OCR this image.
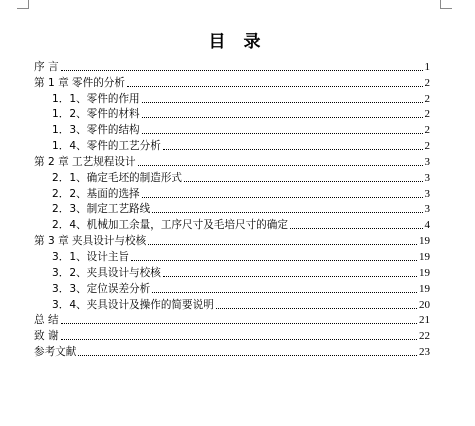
目 录
序 言	1
第 1 章 零件的分析	2
1．1、零件的作用	2
1．2、零件的材料	2
1．3、零件的结构	2
1．4、零件的工艺分析	2
第 2 章 工艺规程设计	3
2．1、确定毛坯的制造形式	3
2．2、基面的选择	3
2．3、制定工艺路线	3
2．4、机械加工余量，工序尺寸及毛培尺寸的确定	4
第 3 章 夹具设计与校核	19
3．1、设计主旨	19
3．2、夹具设计与校核	19
3．3、定位误差分析	19
3．4、夹具设计及操作的简要说明	20
总 结	21
致 谢	22
参考文献	23
